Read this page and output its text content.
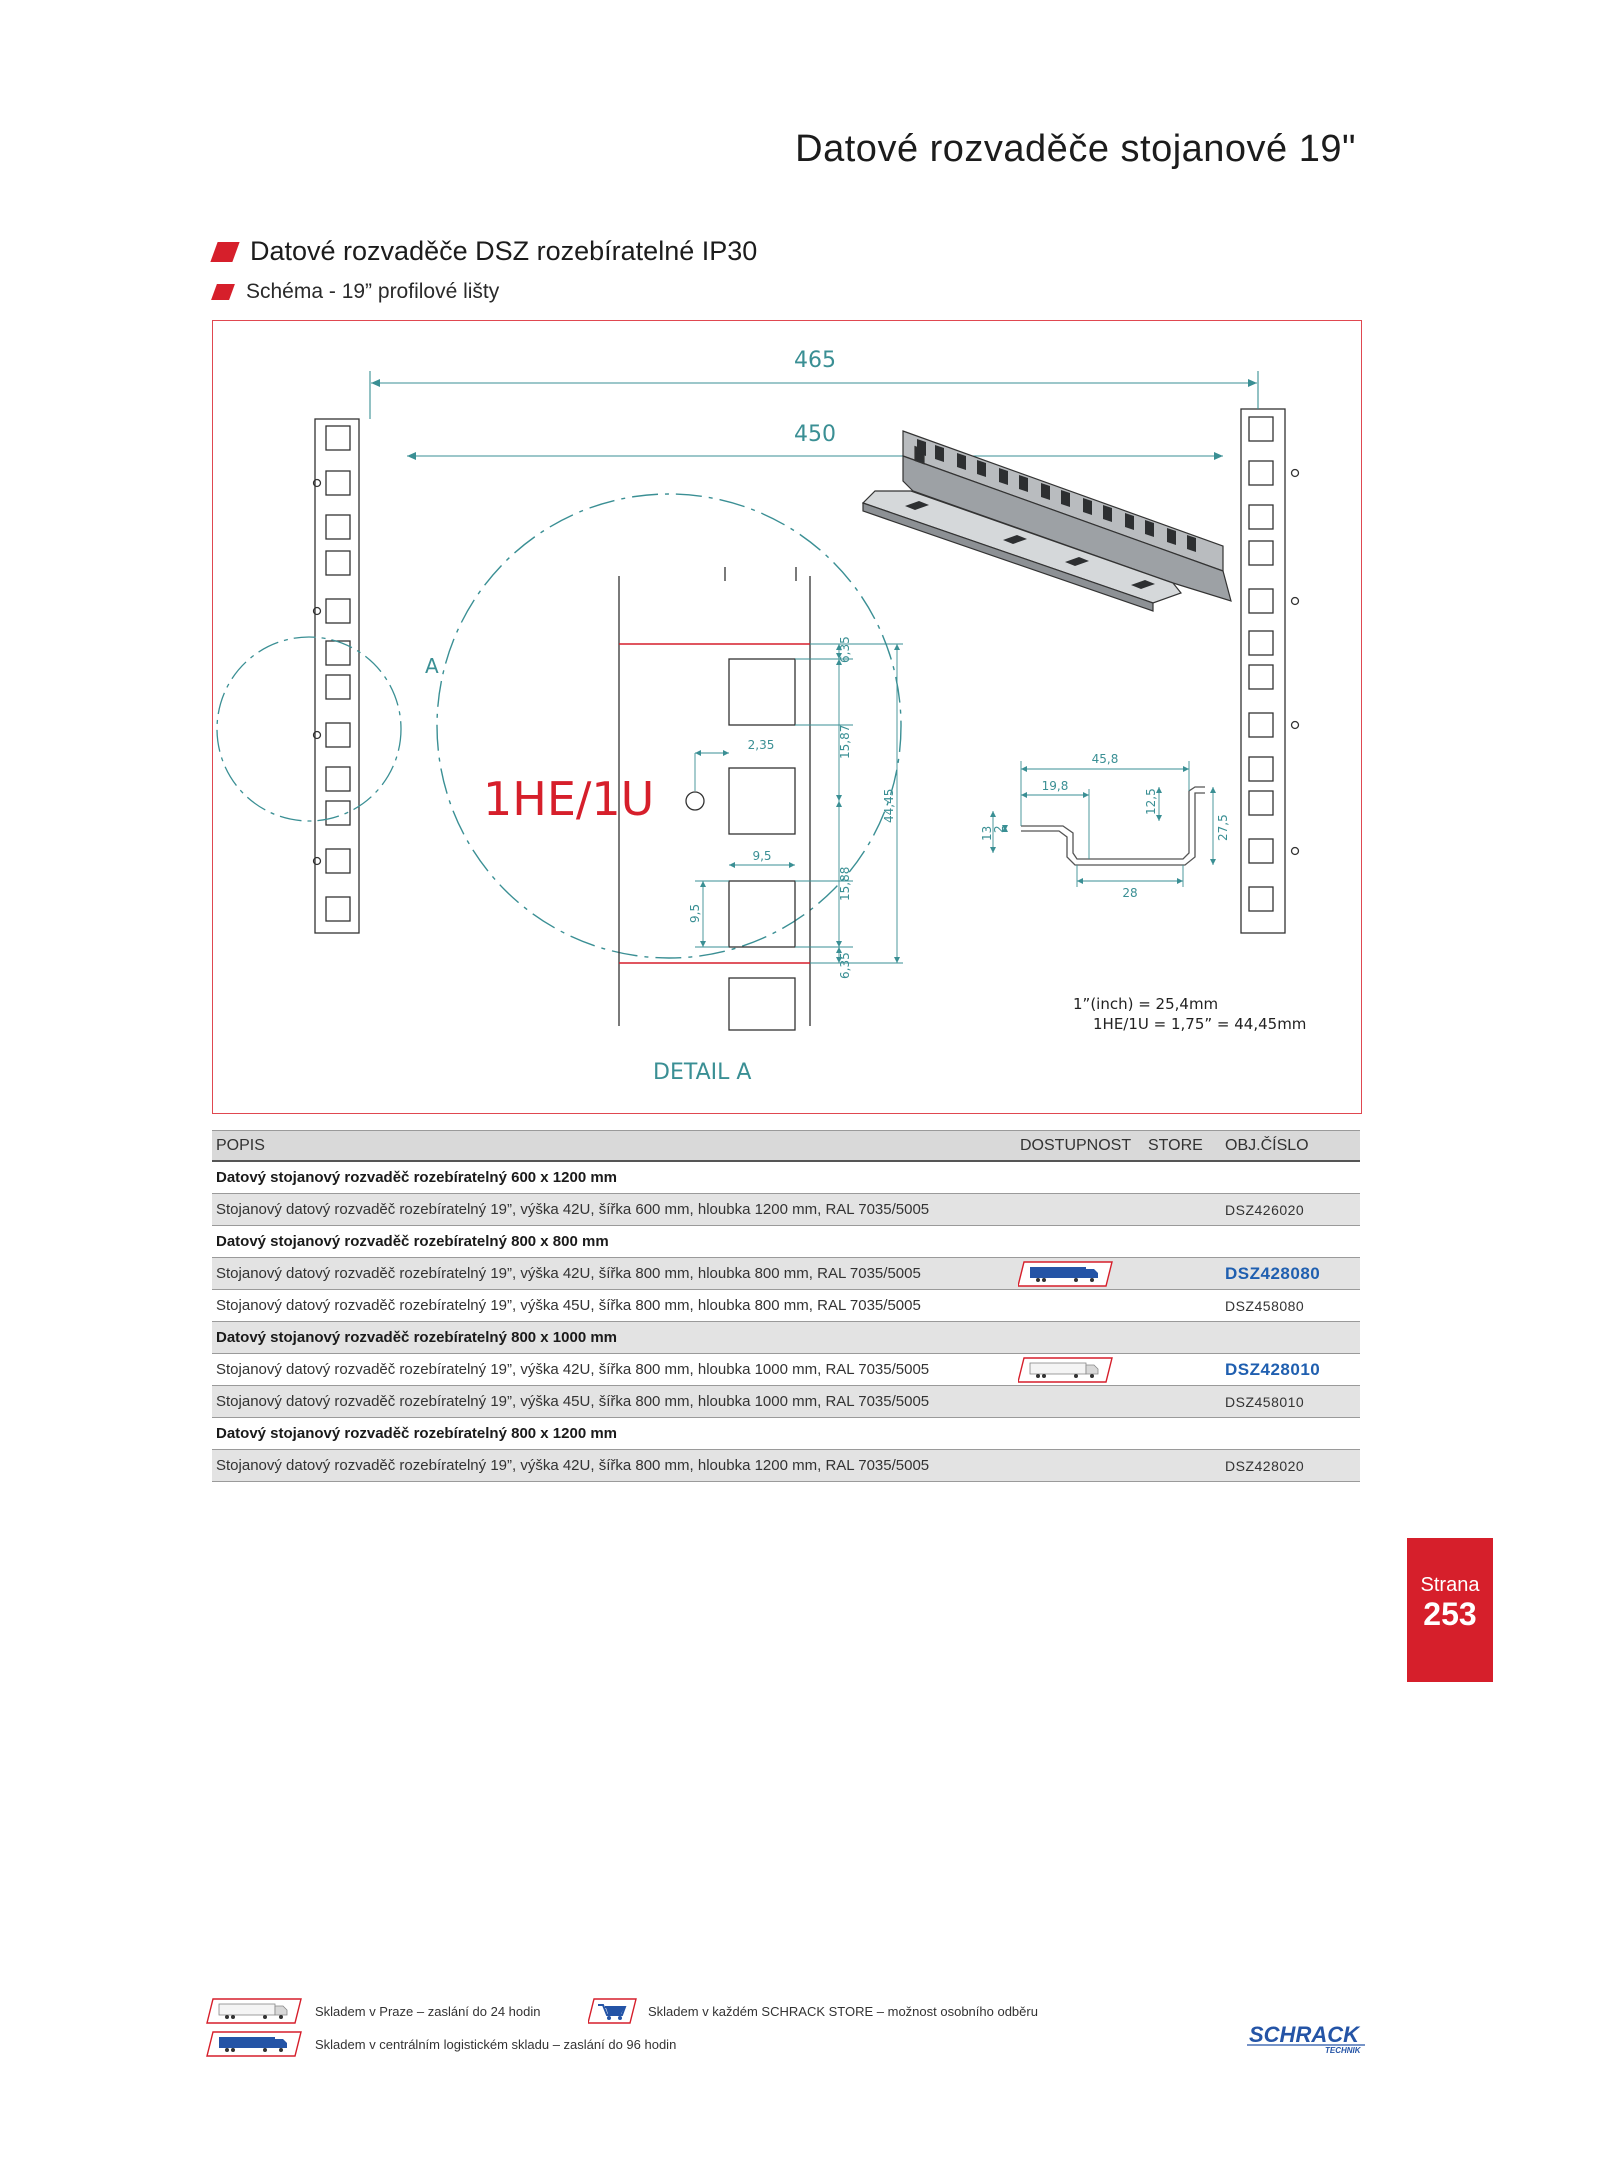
Datové rozvaděče stojanové 19"
Datové rozvaděče DSZ rozebíratelné IP30
Schéma - 19” profilové lišty
465
450
A
6,35
15,87
15,88
6,35
44,45
2,35
9,5
9,5
1HE/1U
DETAIL A
45,8
19,8
12,5
2
13	27,5
28
1”(inch) = 25,4mm
1HE/1U = 1,75” = 44,45mm
POPIS	DOSTUPNOST STORE OBJ.ČÍSLO
Datový stojanový rozvaděč rozebíratelný 600 x 1200 mm
Stojanový datový rozvaděč rozebíratelný 19”, výška 42U, šířka 600 mm, hloubka 1200 mm, RAL 7035/5005	DSZ426020
Datový stojanový rozvaděč rozebíratelný 800 x 800 mm
Stojanový datový rozvaděč rozebíratelný 19”, výška 42U, šířka 800 mm, hloubka 800 mm, RAL 7035/5005	DSZ428080
Stojanový datový rozvaděč rozebíratelný 19”, výška 45U, šířka 800 mm, hloubka 800 mm, RAL 7035/5005	DSZ458080
Datový stojanový rozvaděč rozebíratelný 800 x 1000 mm
Stojanový datový rozvaděč rozebíratelný 19”, výška 42U, šířka 800 mm, hloubka 1000 mm, RAL 7035/5005	DSZ428010
Stojanový datový rozvaděč rozebíratelný 19”, výška 45U, šířka 800 mm, hloubka 1000 mm, RAL 7035/5005	DSZ458010
Datový stojanový rozvaděč rozebíratelný 800 x 1200 mm
Stojanový datový rozvaděč rozebíratelný 19”, výška 42U, šířka 800 mm, hloubka 1200 mm, RAL 7035/5005	DSZ428020
Strana
253
Skladem v Praze – zaslání do 24 hodin	Skladem v každém SCHRACK STORE – možnost osobního odběru
Skladem v centrálním logistickém skladu – zaslání do 96 hodin	SCHRACK
TECHNIK
